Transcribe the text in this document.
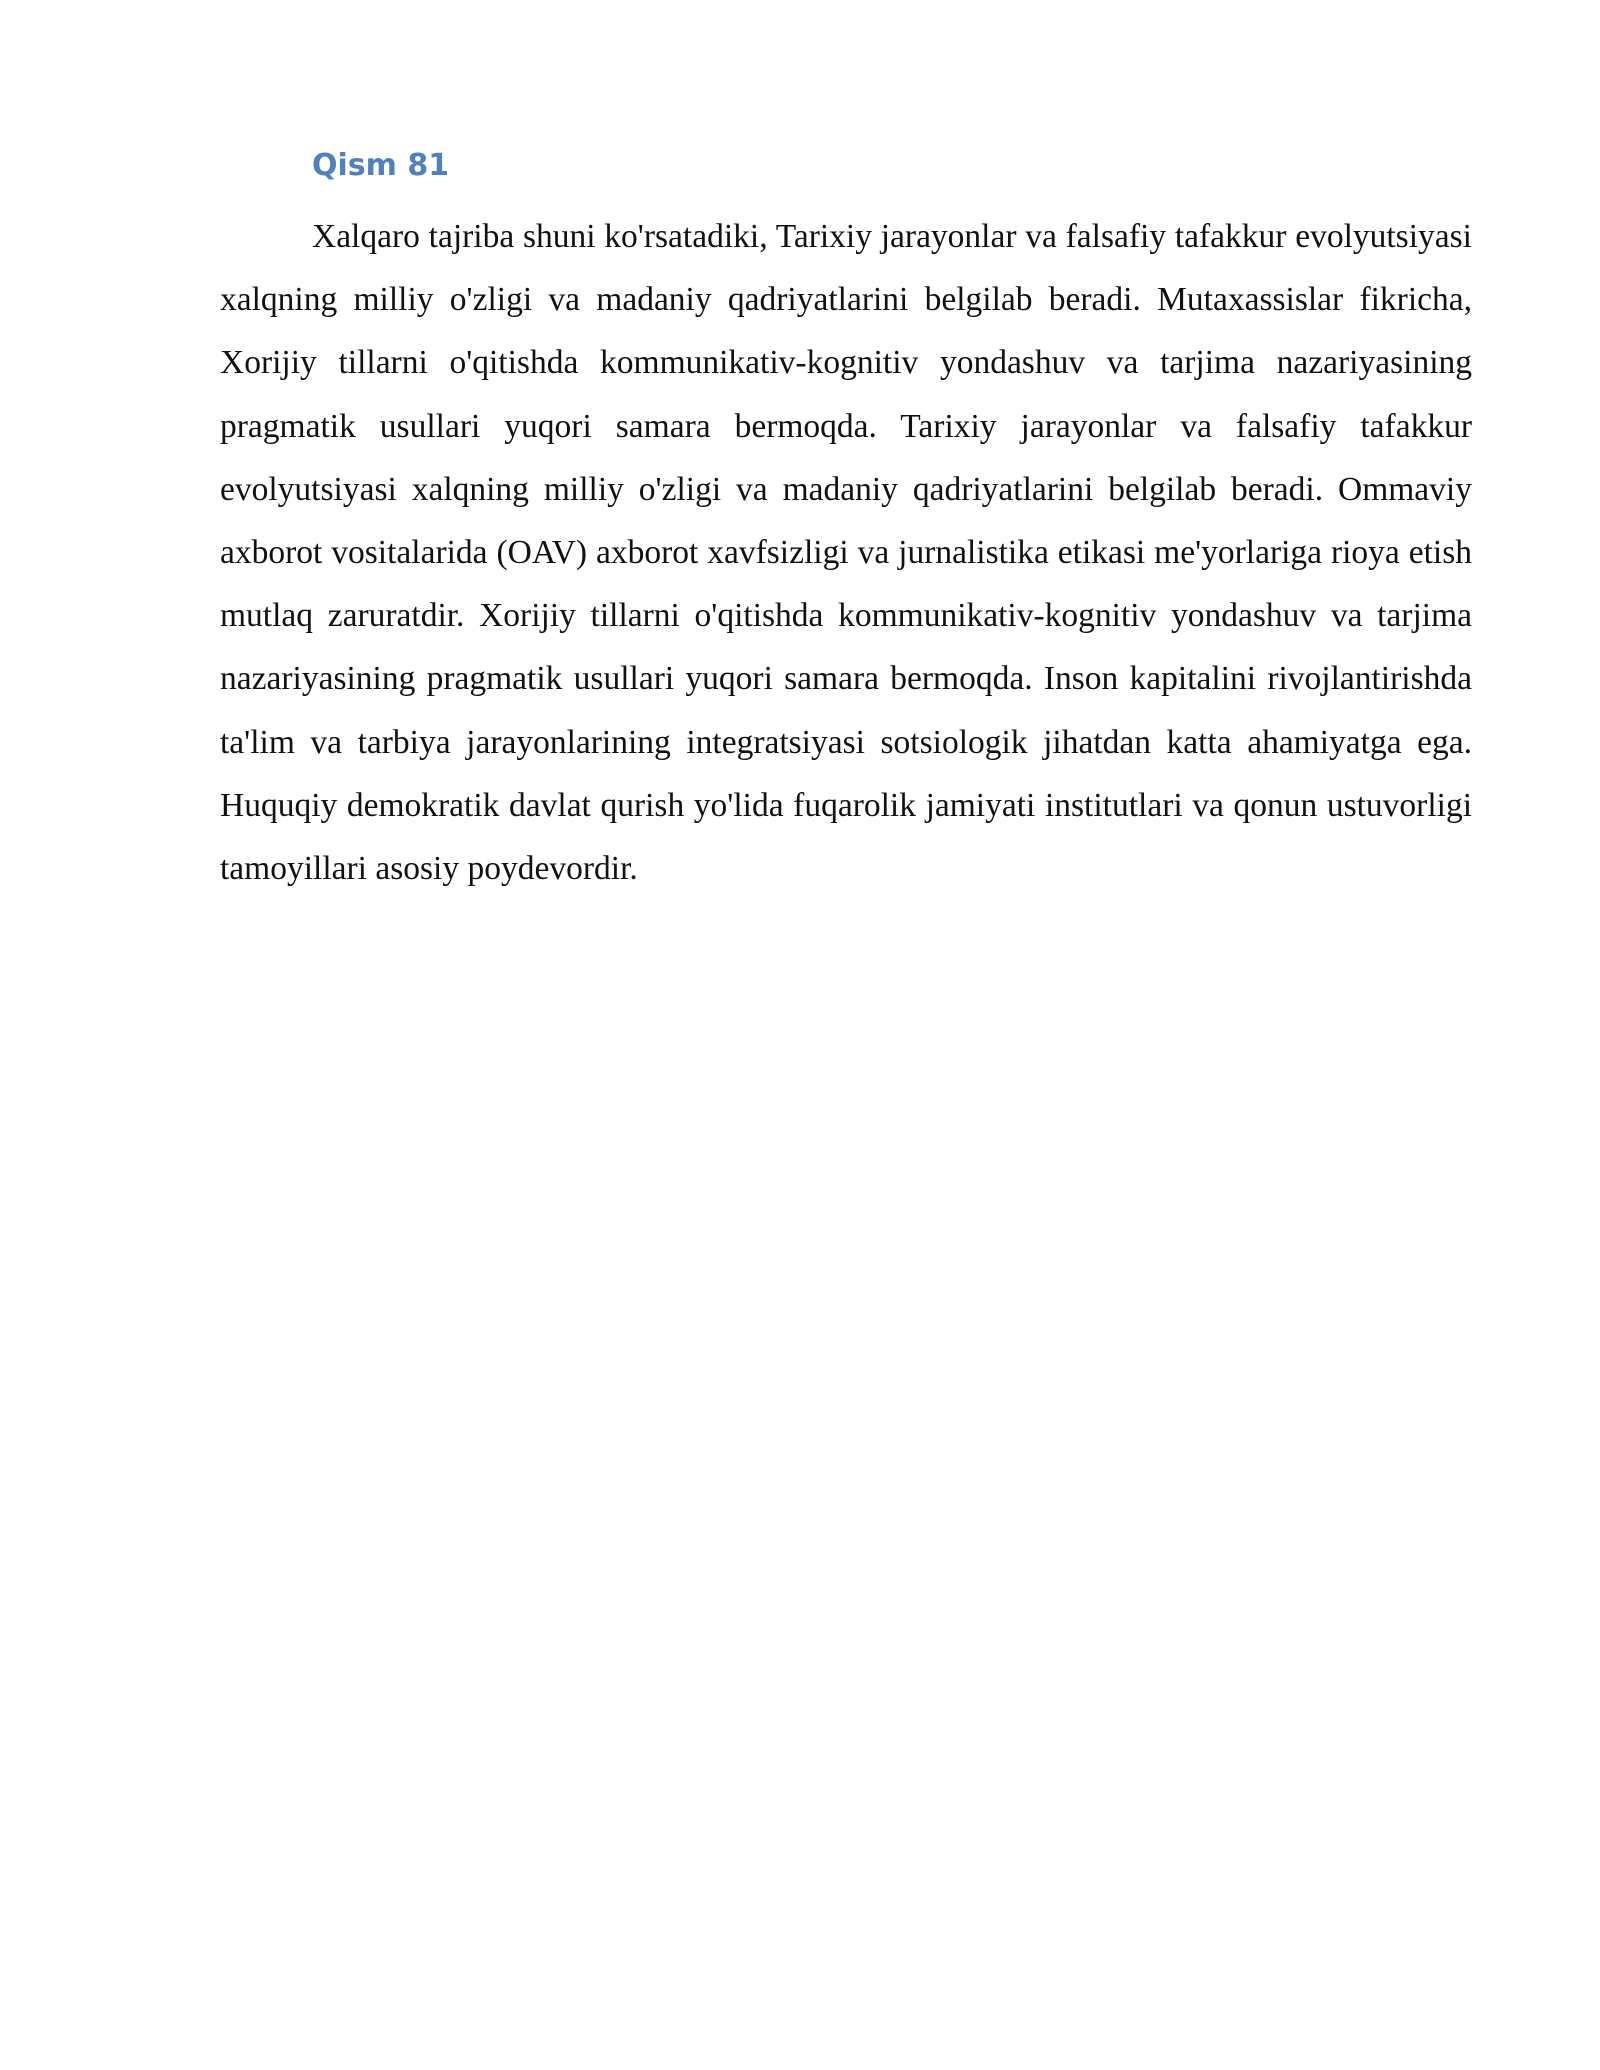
Qism 81

Xalqaro tajriba shuni ko'rsatadiki, Tarixiy jarayonlar va falsafiy tafakkur evolyutsiyasi xalqning milliy o'zligi va madaniy qadriyatlarini belgilab beradi. Mutaxassislar fikricha, Xorijiy tillarni o'qitishda kommunikativ-kognitiv yondashuv va tarjima nazariyasining pragmatik usullari yuqori samara bermoqda. Tarixiy jarayonlar va falsafiy tafakkur evolyutsiyasi xalqning milliy o'zligi va madaniy qadriyatlarini belgilab beradi. Ommaviy axborot vositalarida (OAV) axborot xavfsizligi va jurnalistika etikasi me'yorlariga rioya etish mutlaq zaruratdir. Xorijiy tillarni o'qitishda kommunikativ-kognitiv yondashuv va tarjima nazariyasining pragmatik usullari yuqori samara bermoqda. Inson kapitalini rivojlantirishda ta'lim va tarbiya jarayonlarining integratsiyasi sotsiologik jihatdan katta ahamiyatga ega. Huquqiy demokratik davlat qurish yo'lida fuqarolik jamiyati institutlari va qonun ustuvorligi tamoyillari asosiy poydevordir.
